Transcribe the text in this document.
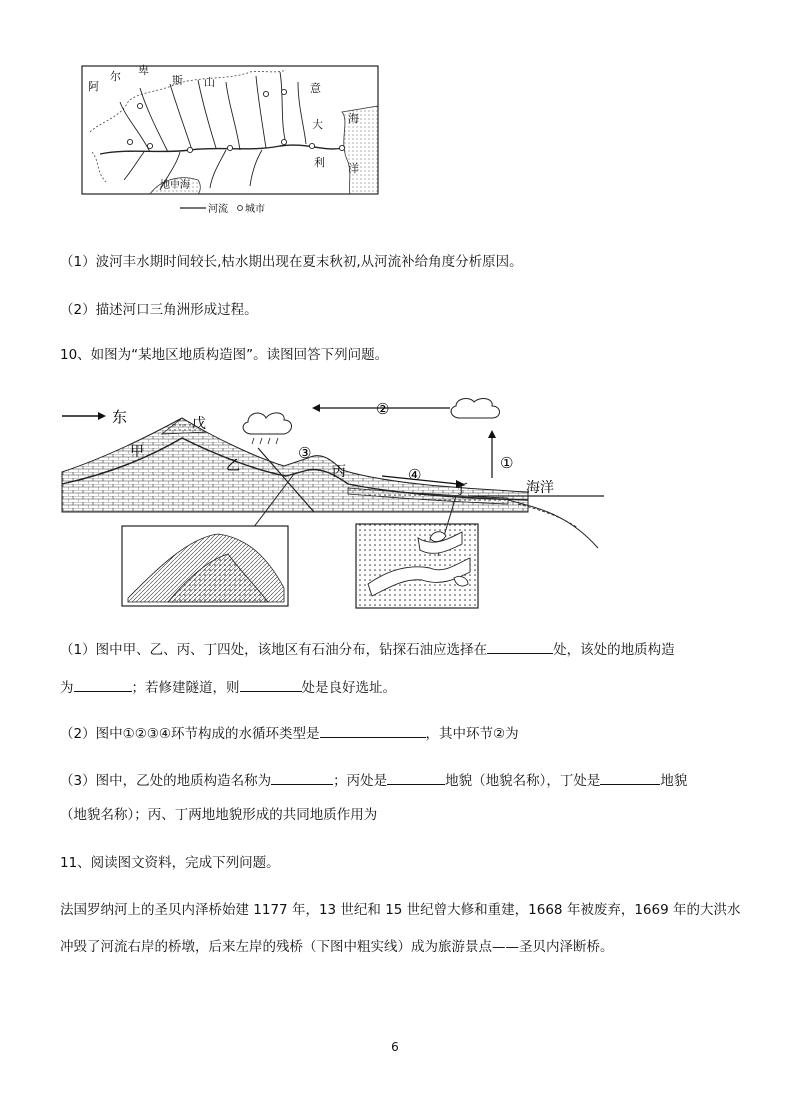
阿
尔 卑
斯 山	意
大
利
海
洋
地中海
河流 城市
（1）波河丰水期时间较长,枯水期出现在夏末秋初,从河流补给角度分析原因。
（2）描述河口三角洲形成过程。
10、如图为“某地区地质构造图”。读图回答下列问题。
东	②
①
④
③
戊
甲
乙	丙
丁	海洋
（1）图中甲、乙、丙、丁四处，该地区有石油分布，钻探石油应选择在	处，该处的地质构造
为	；若修建隧道，则	处是良好选址。
（2）图中①②③④环节构成的水循环类型是	，其中环节②为
（3）图中，乙处的地质构造名称为	；丙处是	地貌（地貌名称），丁处是	地貌
（地貌名称）；丙、丁两地地貌形成的共同地质作用为
11、阅读图文资料，完成下列问题。
法国罗纳河上的圣贝内泽桥始建 1177 年，13 世纪和 15 世纪曾大修和重建，1668 年被废弃，1669 年的大洪水
冲毁了河流右岸的桥墩，后来左岸的残桥（下图中粗实线）成为旅游景点——圣贝内泽断桥。
6
